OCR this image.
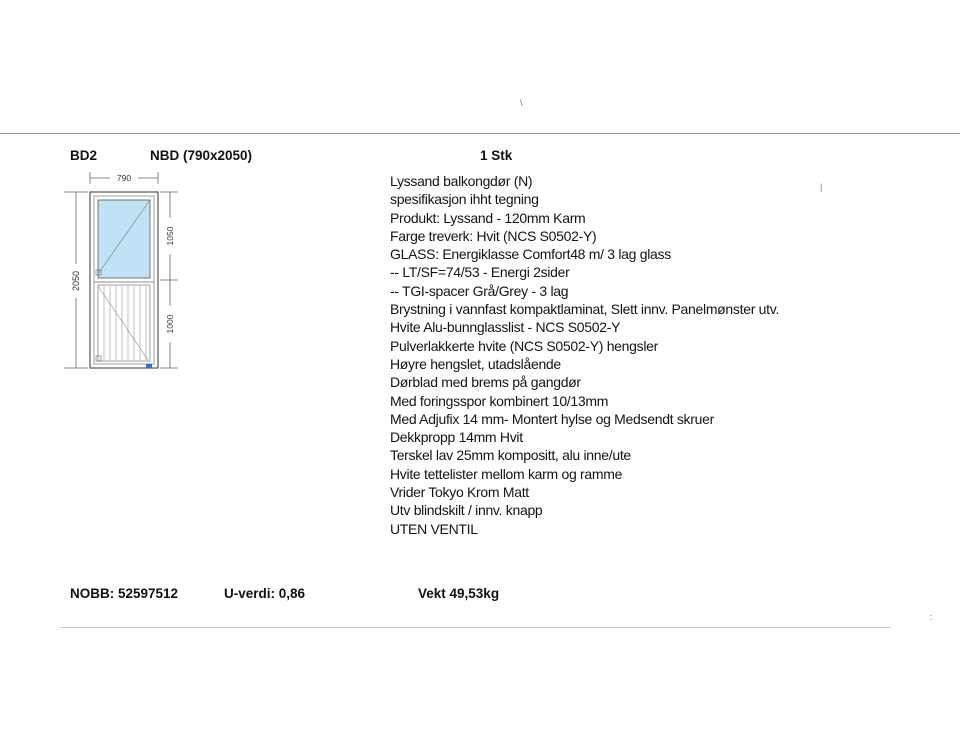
BD2	NBD (790x2050)	1 Stk
790
2050
1050
1000
Lyssand balkongdør (N)
spesifikasjon ihht tegning
Produkt: Lyssand - 120mm Karm
Farge treverk: Hvit (NCS S0502-Y)
GLASS: Energiklasse Comfort48 m/ 3 lag glass
-- LT/SF=74/53 - Energi 2sider
-- TGI-spacer Grå/Grey - 3 lag
Brystning i vannfast kompaktlaminat, Slett innv. Panelmønster utv.
Hvite Alu-bunnglasslist - NCS S0502-Y
Pulverlakkerte hvite (NCS S0502-Y) hengsler
Høyre hengslet, utadslående
Dørblad med brems på gangdør
Med foringsspor kombinert 10/13mm
Med Adjufix 14 mm- Montert hylse og Medsendt skruer
Dekkpropp 14mm Hvit
Terskel lav 25mm kompositt, alu inne/ute
Hvite tettelister mellom karm og ramme
Vrider Tokyo Krom Matt
Utv blindskilt / innv. knapp
UTEN VENTIL
NOBB: 52597512	U-verdi: 0,86	Vekt 49,53kg
\
|
:
